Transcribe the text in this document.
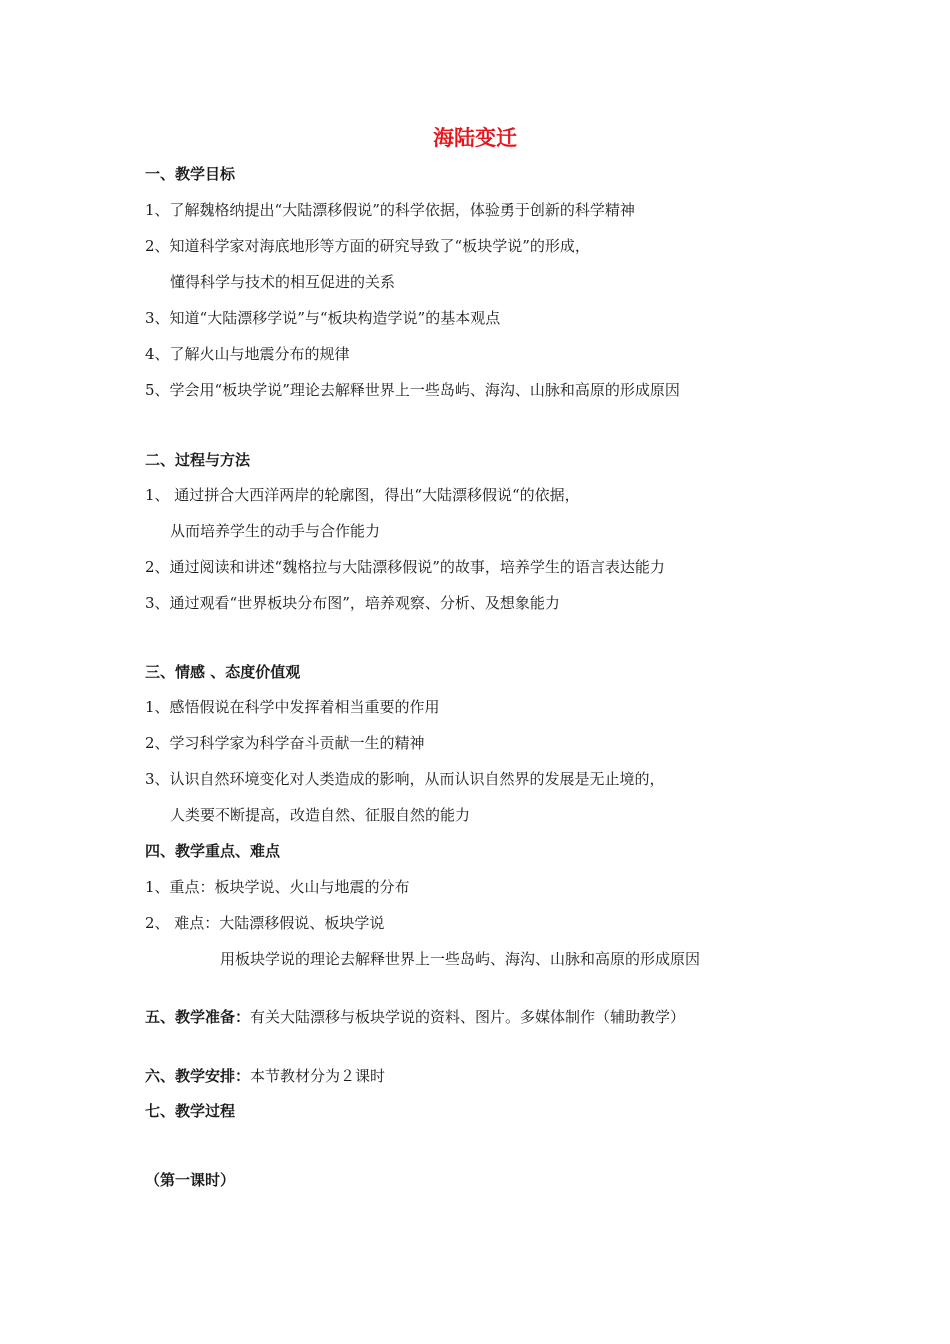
海陆变迁
一、教学目标
1、了解魏格纳提出“大陆漂移假说”的科学依据，体验勇于创新的科学精神
2、知道科学家对海底地形等方面的研究导致了“板块学说”的形成，
懂得科学与技术的相互促进的关系
3、知道“大陆漂移学说”与“板块构造学说”的基本观点
4、了解火山与地震分布的规律
5、学会用“板块学说”理论去解释世界上一些岛屿、海沟、山脉和高原的形成原因
二、过程与方法
1、 通过拼合大西洋两岸的轮廓图，得出“大陆漂移假说“的依据，
从而培养学生的动手与合作能力
2、通过阅读和讲述“魏格拉与大陆漂移假说”的故事，培养学生的语言表达能力
3、通过观看“世界板块分布图”，培养观察、分析、及想象能力
三、情感 、态度价值观
1、感悟假说在科学中发挥着相当重要的作用
2、学习科学家为科学奋斗贡献一生的精神
3、认识自然环境变化对人类造成的影响，从而认识自然界的发展是无止境的，
人类要不断提高，改造自然、征服自然的能力
四、教学重点、难点
1、重点：板块学说、火山与地震的分布
2、 难点：大陆漂移假说、板块学说
用板块学说的理论去解释世界上一些岛屿、海沟、山脉和高原的形成原因
五、教学准备：有关大陆漂移与板块学说的资料、图片。多媒体制作（辅助教学）
六、教学安排：本节教材分为２课时
七、教学过程
（第一课时）
